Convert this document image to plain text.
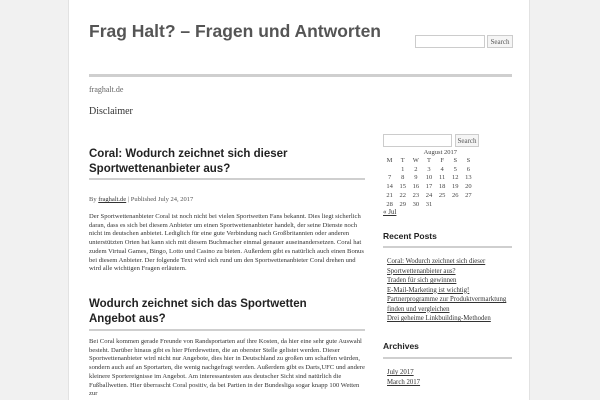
Search
Frag Halt? – Fragen und Antworten
fraghalt.de
Disclaimer
Coral: Wodurch zeichnet sich dieser Sportwettenanbieter aus?
By fraghalt.de | Published July 24, 2017
Der Sportwettenanbieter Coral ist noch nicht bei vielen Sportwetten Fans bekannt. Dies liegt sicherlich daran, dass es sich bei diesem Anbieter um einen Sportwettenanbieter handelt, der seine Dienste noch nicht im deutschen anbietet. Lediglich für eine gute Verbindung nach Großbritannien oder anderen unterstützten Orten hat kann sich mit diesem Buchmacher einmal genauer auseinandersetzen. Coral hat zudem Virtual Games, Bingo, Lotto und Casino zu bieten. Außerdem gibt es natürlich auch einen Bonus bei diesem Anbieter. Der folgende Text wird sich rund um den Sportwettenanbieter Coral drehen und wird alle wichtigen Fragen erläutern.
Wodurch zeichnet sich das Sportwetten Angebot aus?
Bei Coral kommen gerade Freunde von Randsportarten auf ihre Kosten, da hier eine sehr gute Auswahl besteht. Darüber hinaus gibt es hier Pferdewetten, die an oberster Stelle gelistet werden. Dieser Sportwettenanbieter wird nicht nur Angebote, dies hier in Deutschland zu großen um schaffen würden, sondern auch auf an Sportarten, die wenig nachgefragt werden. Außerdem gibt es Darts,UFC und andere kleinere Sportereignisse im Angebot. Am interessantesten aus deutscher Sicht sind natürlich die Fußballwetten. Hier überrascht Coral positiv, da bei Partien in der Bundesliga sogar knapp 100 Wetten zur
Search
August 2017
M	T	W	T	F	S	S
	1	2	3	4	5	6
7	8	9	10	11	12	13
14	15	16	17	18	19	20
21	22	23	24	25	26	27
28	29	30	31			
« Jul
Recent Posts
Coral: Wodurch zeichnet sich dieser Sportwettenanbieter aus?
Traden für sich gewinnen
E-Mail-Marketing ist wichtig!
Partnerprogramme zur Produktvermarktung finden und vergleichen
Drei geheime Linkbuilding-Methoden
Archives
July 2017
March 2017
